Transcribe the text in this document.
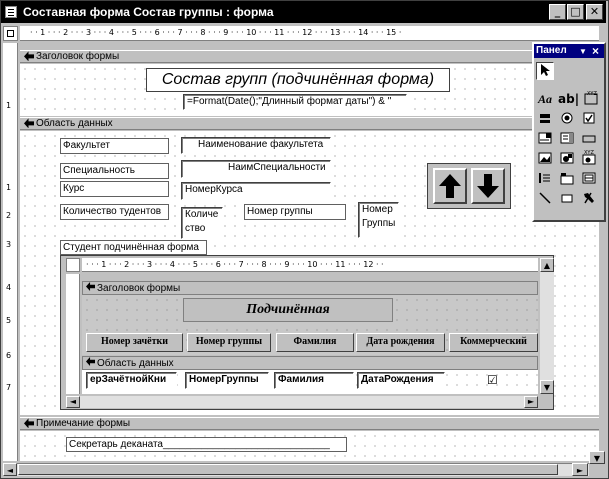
Составная форма Состав группы : форма	_ □ ✕
· · 1 · · · 2 · · · 3 · · · 4 · · · 5 · · · 6 · · · 7 · · · 8 · · · 9 · · · 10 · · · 11 · · · 12 · · · 13 · · · 14 · · · 15 ·
1
1
2
3
4
5
6
7
Заголовок формы
Состав групп (подчинённая форма)
=Format(Date();"Длинный формат даты") & "
Область данных
Факультет	Наименование факультета
Специальность	НаимСпециальности
Курс	НомерКурса
Количество тудентов	Количество
Номер группы	Номер Группы
Студент подчинённая форма
· · · 1 · · · 2 · · · 3 · · · 4 · · · 5 · · · 6 · · · 7 · · · 8 · · · 9 · · · 10 · · · 11 · · · 12 · ·	▲
▼
Заголовок формы
Подчинённая
Номер зачётки	Номер группы	Фамилия	Дата рождения	Коммерческий
Область данных
ерЗачётнойКни	НомерГруппы	Фамилия	ДатаРождения	☑
◄	►
Примечание формы
Секретарь деканата______________________________
▼
◄	►
Панел ▼ ×
Aa ab| XYZ
XYZ
